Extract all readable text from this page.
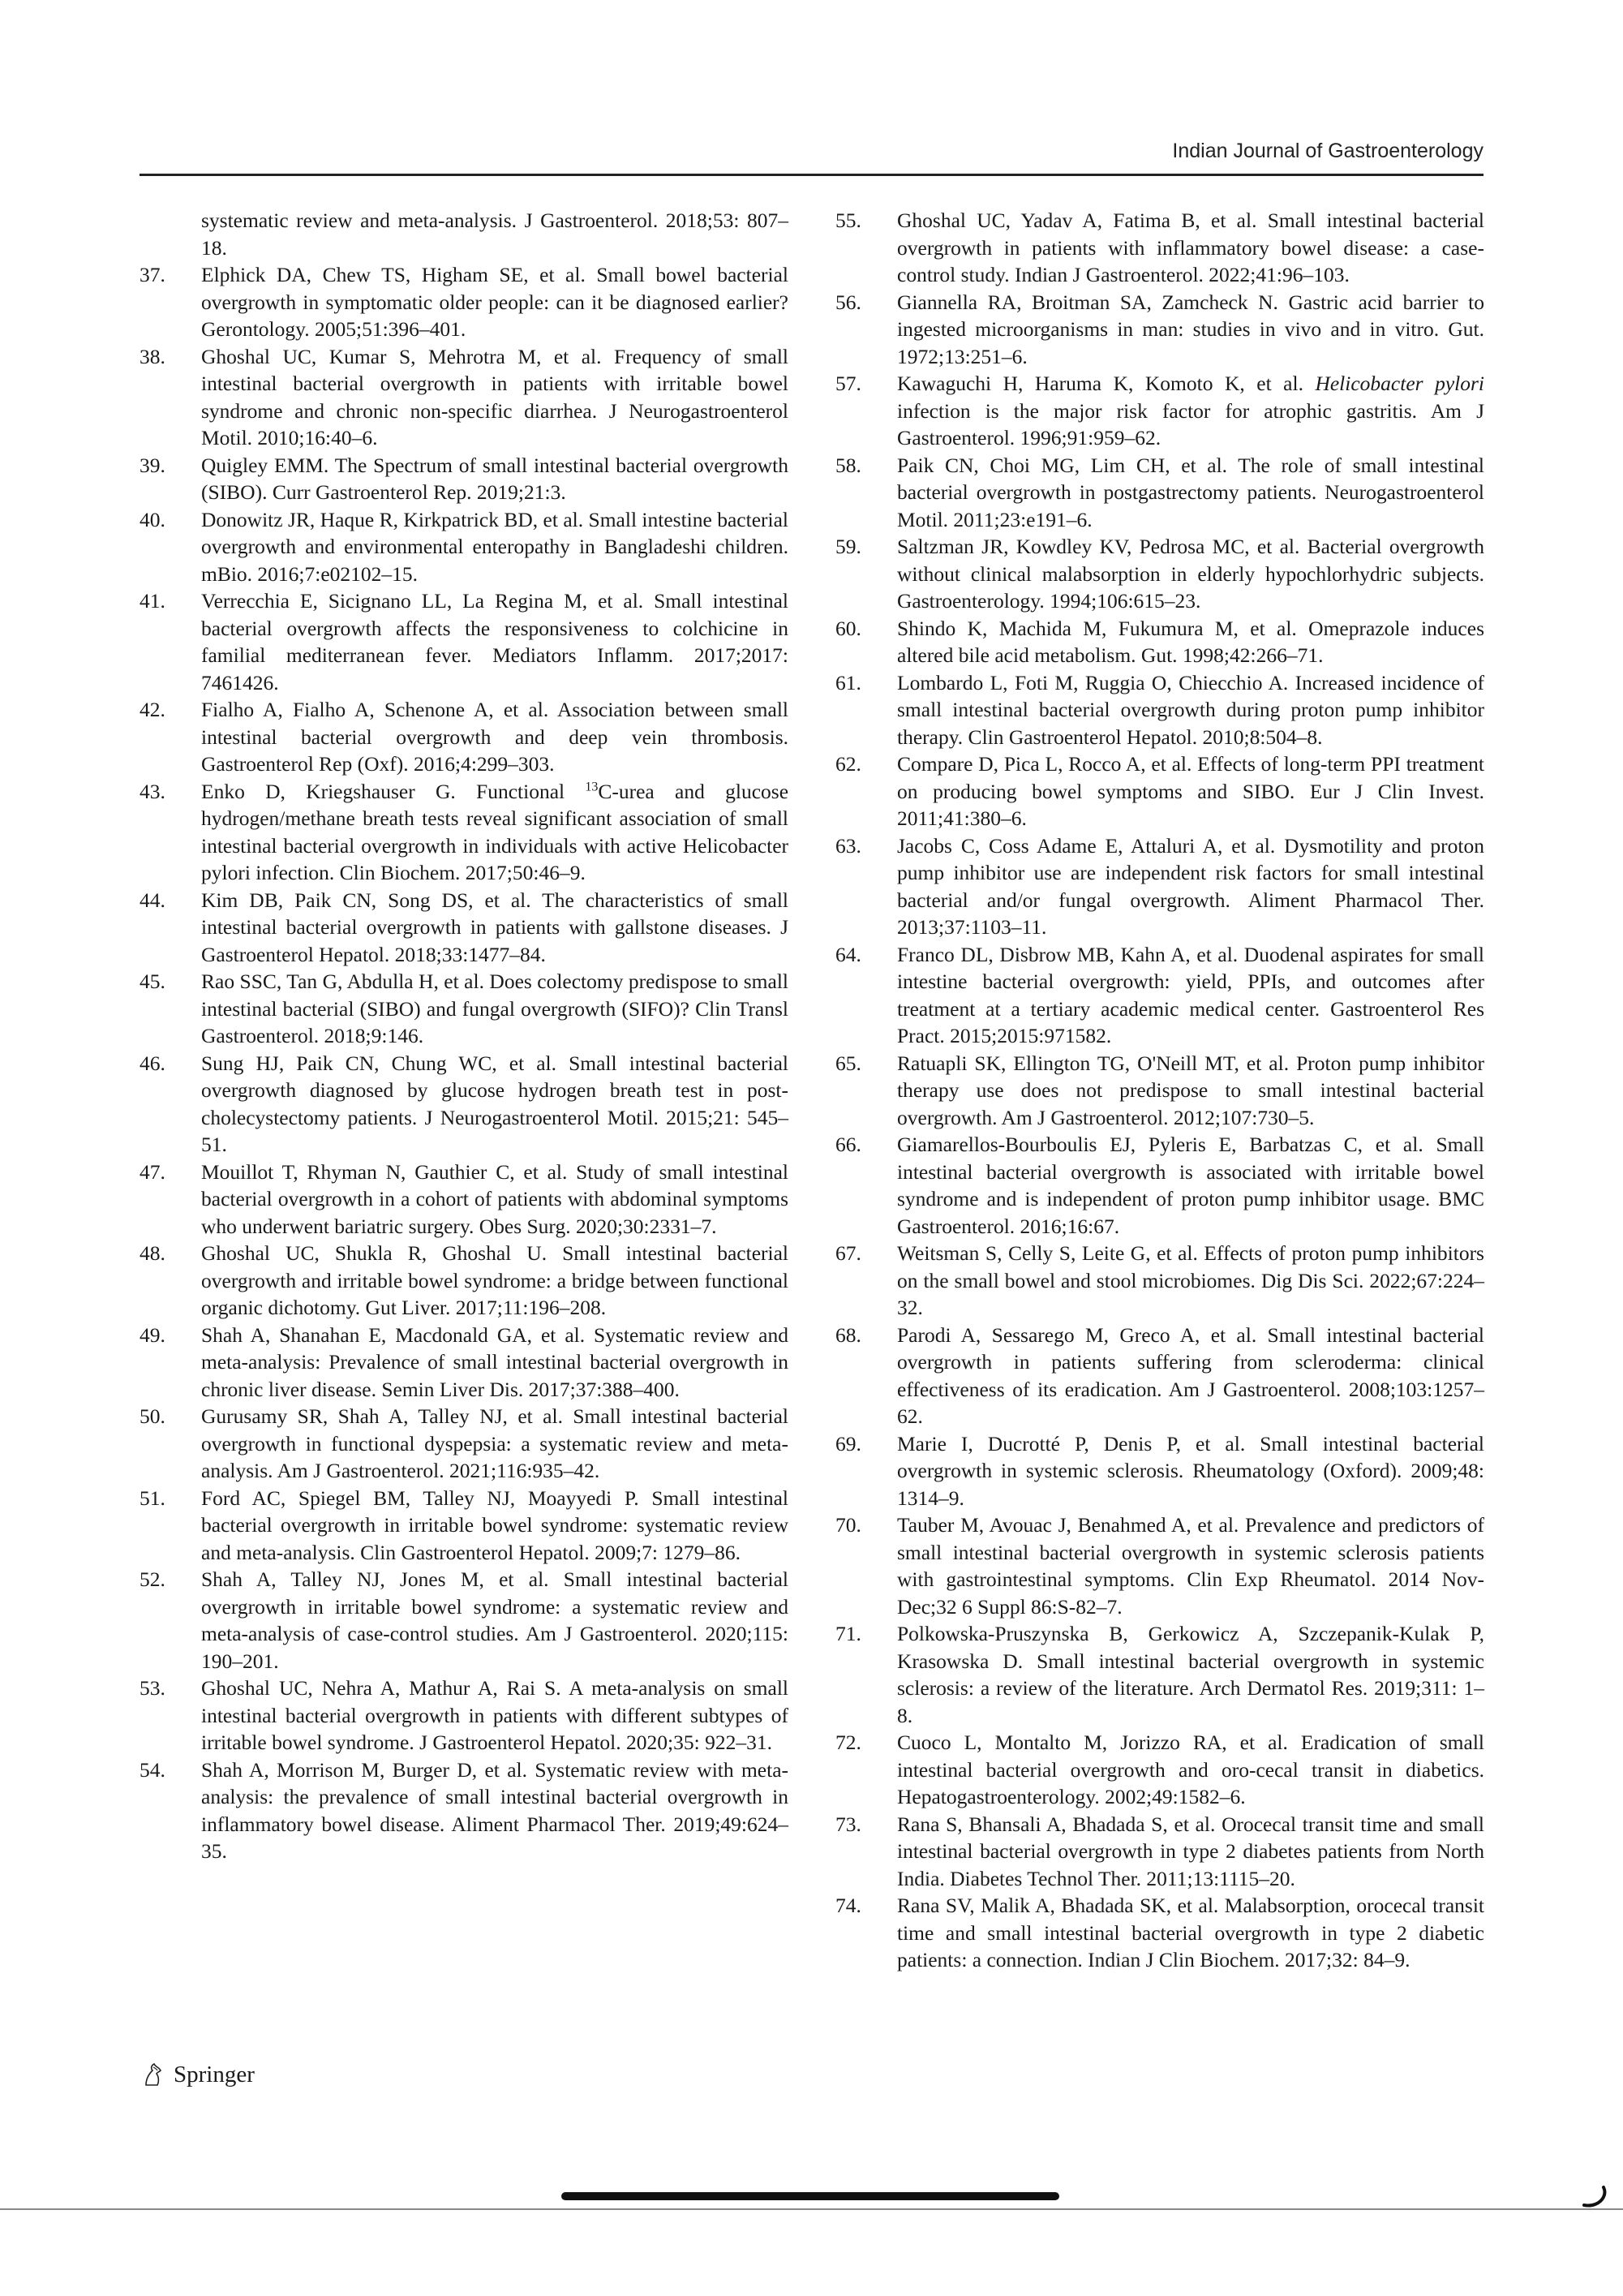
Indian Journal of Gastroenterology
systematic review and meta-analysis. J Gastroenterol. 2018;53: 807–18.
37.	Elphick DA, Chew TS, Higham SE, et al. Small bowel bacterial overgrowth in symptomatic older people: can it be diagnosed earlier? Gerontology. 2005;51:396–401.
38.	Ghoshal UC, Kumar S, Mehrotra M, et al. Frequency of small intestinal bacterial overgrowth in patients with irritable bowel syndrome and chronic non-specific diarrhea. J Neurogastroenterol Motil. 2010;16:40–6.
39.	Quigley EMM. The Spectrum of small intestinal bacterial overgrowth (SIBO). Curr Gastroenterol Rep. 2019;21:3.
40.	Donowitz JR, Haque R, Kirkpatrick BD, et al. Small intestine bacterial overgrowth and environmental enteropathy in Bangladeshi children. mBio. 2016;7:e02102–15.
41.	Verrecchia E, Sicignano LL, La Regina M, et al. Small intestinal bacterial overgrowth affects the responsiveness to colchicine in familial mediterranean fever. Mediators Inflamm. 2017;2017: 7461426.
42.	Fialho A, Fialho A, Schenone A, et al. Association between small intestinal bacterial overgrowth and deep vein thrombosis. Gastroenterol Rep (Oxf). 2016;4:299–303.
43.	Enko D, Kriegshauser G. Functional $^{13}$C-urea and glucose hydrogen/methane breath tests reveal significant association of small intestinal bacterial overgrowth in individuals with active Helicobacter pylori infection. Clin Biochem. 2017;50:46–9.
44.	Kim DB, Paik CN, Song DS, et al. The characteristics of small intestinal bacterial overgrowth in patients with gallstone diseases. J Gastroenterol Hepatol. 2018;33:1477–84.
45.	Rao SSC, Tan G, Abdulla H, et al. Does colectomy predispose to small intestinal bacterial (SIBO) and fungal overgrowth (SIFO)? Clin Transl Gastroenterol. 2018;9:146.
46.	Sung HJ, Paik CN, Chung WC, et al. Small intestinal bacterial overgrowth diagnosed by glucose hydrogen breath test in post-cholecystectomy patients. J Neurogastroenterol Motil. 2015;21: 545–51.
47.	Mouillot T, Rhyman N, Gauthier C, et al. Study of small intestinal bacterial overgrowth in a cohort of patients with abdominal symptoms who underwent bariatric surgery. Obes Surg. 2020;30:2331–7.
48.	Ghoshal UC, Shukla R, Ghoshal U. Small intestinal bacterial overgrowth and irritable bowel syndrome: a bridge between functional organic dichotomy. Gut Liver. 2017;11:196–208.
49.	Shah A, Shanahan E, Macdonald GA, et al. Systematic review and meta-analysis: Prevalence of small intestinal bacterial overgrowth in chronic liver disease. Semin Liver Dis. 2017;37:388–400.
50.	Gurusamy SR, Shah A, Talley NJ, et al. Small intestinal bacterial overgrowth in functional dyspepsia: a systematic review and meta-analysis. Am J Gastroenterol. 2021;116:935–42.
51.	Ford AC, Spiegel BM, Talley NJ, Moayyedi P. Small intestinal bacterial overgrowth in irritable bowel syndrome: systematic review and meta-analysis. Clin Gastroenterol Hepatol. 2009;7: 1279–86.
52.	Shah A, Talley NJ, Jones M, et al. Small intestinal bacterial overgrowth in irritable bowel syndrome: a systematic review and meta-analysis of case-control studies. Am J Gastroenterol. 2020;115: 190–201.
53.	Ghoshal UC, Nehra A, Mathur A, Rai S. A meta-analysis on small intestinal bacterial overgrowth in patients with different subtypes of irritable bowel syndrome. J Gastroenterol Hepatol. 2020;35: 922–31.
54.	Shah A, Morrison M, Burger D, et al. Systematic review with meta-analysis: the prevalence of small intestinal bacterial overgrowth in inflammatory bowel disease. Aliment Pharmacol Ther. 2019;49:624–35.
55.	Ghoshal UC, Yadav A, Fatima B, et al. Small intestinal bacterial overgrowth in patients with inflammatory bowel disease: a case-control study. Indian J Gastroenterol. 2022;41:96–103.
56.	Giannella RA, Broitman SA, Zamcheck N. Gastric acid barrier to ingested microorganisms in man: studies in vivo and in vitro. Gut. 1972;13:251–6.
57.	Kawaguchi H, Haruma K, Komoto K, et al. Helicobacter pylori infection is the major risk factor for atrophic gastritis. Am J Gastroenterol. 1996;91:959–62.
58.	Paik CN, Choi MG, Lim CH, et al. The role of small intestinal bacterial overgrowth in postgastrectomy patients. Neurogastroenterol Motil. 2011;23:e191–6.
59.	Saltzman JR, Kowdley KV, Pedrosa MC, et al. Bacterial overgrowth without clinical malabsorption in elderly hypochlorhydric subjects. Gastroenterology. 1994;106:615–23.
60.	Shindo K, Machida M, Fukumura M, et al. Omeprazole induces altered bile acid metabolism. Gut. 1998;42:266–71.
61.	Lombardo L, Foti M, Ruggia O, Chiecchio A. Increased incidence of small intestinal bacterial overgrowth during proton pump inhibitor therapy. Clin Gastroenterol Hepatol. 2010;8:504–8.
62.	Compare D, Pica L, Rocco A, et al. Effects of long-term PPI treatment on producing bowel symptoms and SIBO. Eur J Clin Invest. 2011;41:380–6.
63.	Jacobs C, Coss Adame E, Attaluri A, et al. Dysmotility and proton pump inhibitor use are independent risk factors for small intestinal bacterial and/or fungal overgrowth. Aliment Pharmacol Ther. 2013;37:1103–11.
64.	Franco DL, Disbrow MB, Kahn A, et al. Duodenal aspirates for small intestine bacterial overgrowth: yield, PPIs, and outcomes after treatment at a tertiary academic medical center. Gastroenterol Res Pract. 2015;2015:971582.
65.	Ratuapli SK, Ellington TG, O'Neill MT, et al. Proton pump inhibitor therapy use does not predispose to small intestinal bacterial overgrowth. Am J Gastroenterol. 2012;107:730–5.
66.	Giamarellos-Bourboulis EJ, Pyleris E, Barbatzas C, et al. Small intestinal bacterial overgrowth is associated with irritable bowel syndrome and is independent of proton pump inhibitor usage. BMC Gastroenterol. 2016;16:67.
67.	Weitsman S, Celly S, Leite G, et al. Effects of proton pump inhibitors on the small bowel and stool microbiomes. Dig Dis Sci. 2022;67:224–32.
68.	Parodi A, Sessarego M, Greco A, et al. Small intestinal bacterial overgrowth in patients suffering from scleroderma: clinical effectiveness of its eradication. Am J Gastroenterol. 2008;103:1257–62.
69.	Marie I, Ducrotté P, Denis P, et al. Small intestinal bacterial overgrowth in systemic sclerosis. Rheumatology (Oxford). 2009;48: 1314–9.
70.	Tauber M, Avouac J, Benahmed A, et al. Prevalence and predictors of small intestinal bacterial overgrowth in systemic sclerosis patients with gastrointestinal symptoms. Clin Exp Rheumatol. 2014 Nov-Dec;32 6 Suppl 86:S-82–7.
71.	Polkowska-Pruszynska B, Gerkowicz A, Szczepanik-Kulak P, Krasowska D. Small intestinal bacterial overgrowth in systemic sclerosis: a review of the literature. Arch Dermatol Res. 2019;311: 1–8.
72.	Cuoco L, Montalto M, Jorizzo RA, et al. Eradication of small intestinal bacterial overgrowth and oro-cecal transit in diabetics. Hepatogastroenterology. 2002;49:1582–6.
73.	Rana S, Bhansali A, Bhadada S, et al. Orocecal transit time and small intestinal bacterial overgrowth in type 2 diabetes patients from North India. Diabetes Technol Ther. 2011;13:1115–20.
74.	Rana SV, Malik A, Bhadada SK, et al. Malabsorption, orocecal transit time and small intestinal bacterial overgrowth in type 2 diabetic patients: a connection. Indian J Clin Biochem. 2017;32: 84–9.
Springer
